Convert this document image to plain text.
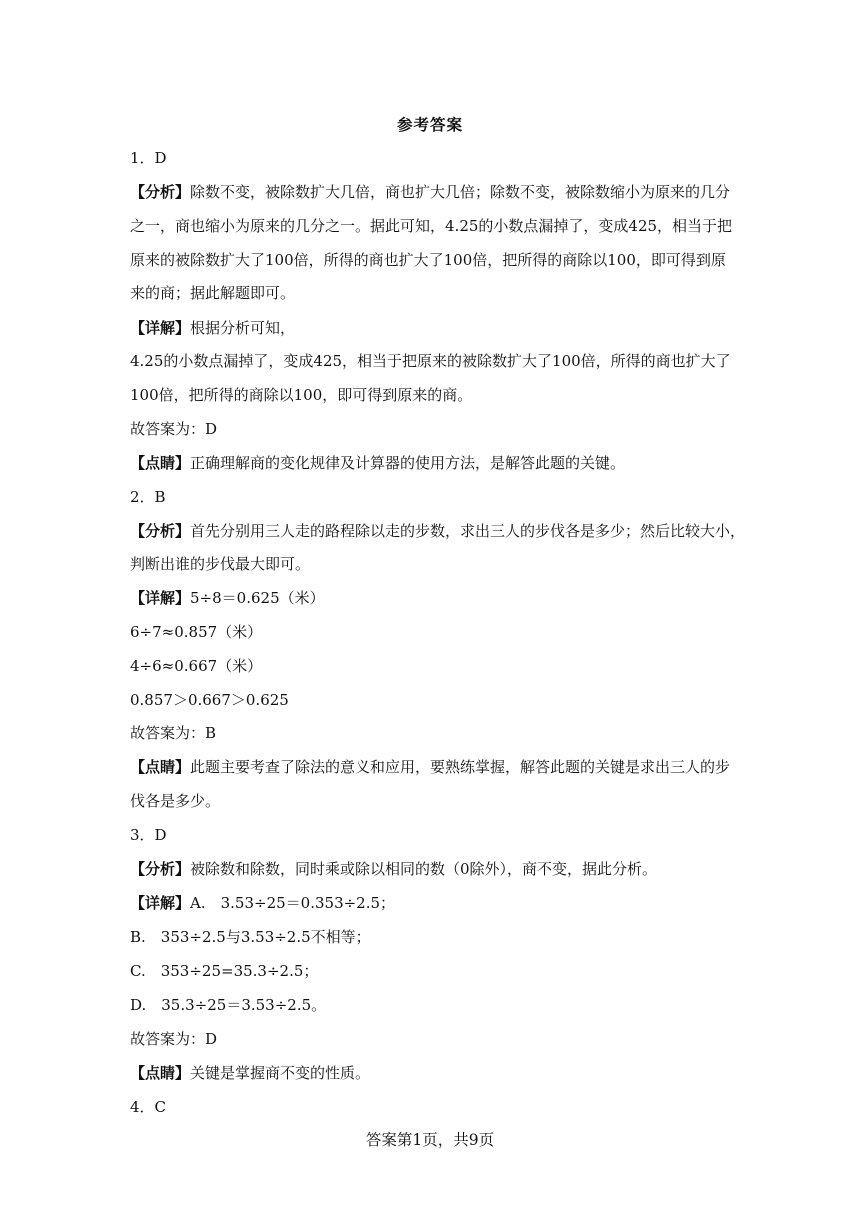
参考答案
1．D
【分析】除数不变，被除数扩大几倍，商也扩大几倍；除数不变，被除数缩小为原来的几分
之一，商也缩小为原来的几分之一。据此可知，4.25的小数点漏掉了，变成425，相当于把
原来的被除数扩大了100倍，所得的商也扩大了100倍，把所得的商除以100，即可得到原
来的商；据此解题即可。
【详解】根据分析可知，
4.25的小数点漏掉了，变成425，相当于把原来的被除数扩大了100倍，所得的商也扩大了
100倍，把所得的商除以100，即可得到原来的商。
故答案为：D
【点睛】正确理解商的变化规律及计算器的使用方法，是解答此题的关键。
2．B
【分析】首先分别用三人走的路程除以走的步数，求出三人的步伐各是多少；然后比较大小，
判断出谁的步伐最大即可。
【详解】5÷8＝0.625（米）
6÷7≈0.857（米）
4÷6≈0.667（米）
0.857＞0.667＞0.625
故答案为：B
【点睛】此题主要考查了除法的意义和应用，要熟练掌握，解答此题的关键是求出三人的步
伐各是多少。
3．D
【分析】被除数和除数，同时乘或除以相同的数（0除外），商不变，据此分析。
【详解】A.　3.53÷25＝0.353÷2.5；
B.　353÷2.5与3.53÷2.5不相等；
C.　353÷25=35.3÷2.5；
D.　35.3÷25＝3.53÷2.5。
故答案为：D
【点睛】关键是掌握商不变的性质。
4．C
答案第1页，共9页
